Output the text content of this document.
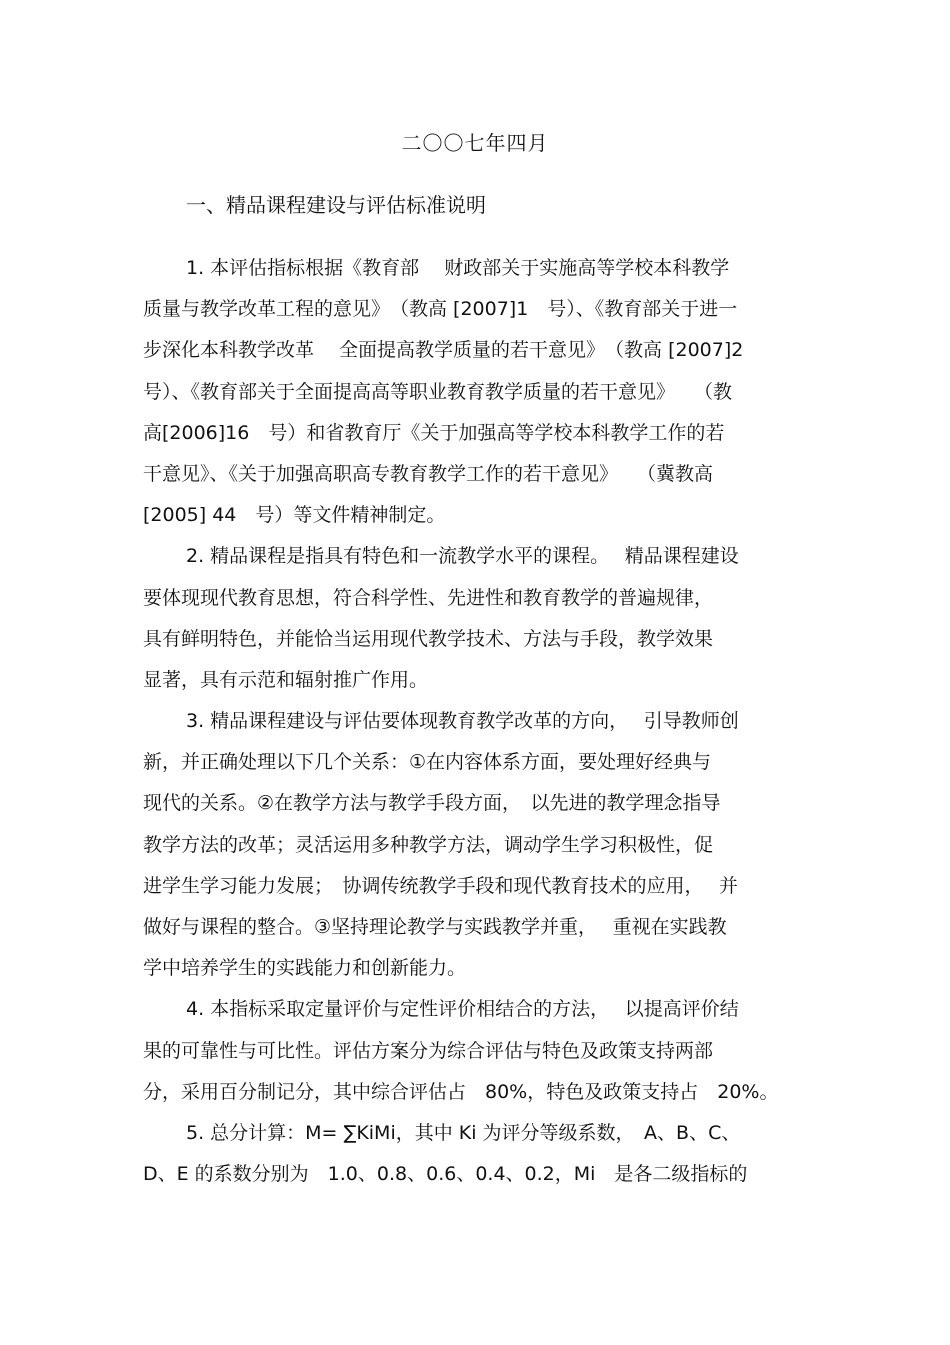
二〇〇七年四月
一、精品课程建设与评估标准说明
1. 本评估指标根据《教育部　 财政部关于实施高等学校本科教学
质量与教学改革工程的意见》　（教高 [2007]1　号）、《教育部关于进一
步深化本科教学改革　 全面提高教学质量的若干意见》　（教高 [2007]2
号）、《教育部关于全面提高高等职业教育教学质量的若干意见》　　（教
高[2006]16　号）和省教育厅《关于加强高等学校本科教学工作的若
干意见》、《关于加强高职高专教育教学工作的若干意见》　　（冀教高
[2005] 44　号）等文件精神制定。
2. 精品课程是指具有特色和一流教学水平的课程。　 精品课程建设
要体现现代教育思想，符合科学性、先进性和教育教学的普遍规律，
具有鲜明特色，并能恰当运用现代教学技术、方法与手段，教学效果
显著，具有示范和辐射推广作用。
3. 精品课程建设与评估要体现教育教学改革的方向，　 引导教师创
新，并正确处理以下几个关系：①在内容体系方面，要处理好经典与
现代的关系。②在教学方法与教学手段方面，　以先进的教学理念指导
教学方法的改革；灵活运用多种教学方法，调动学生学习积极性，促
进学生学习能力发展；　协调传统教学手段和现代教育技术的应用，　 并
做好与课程的整合。③坚持理论教学与实践教学并重，　 重视在实践教
学中培养学生的实践能力和创新能力。
4. 本指标采取定量评价与定性评价相结合的方法，　 以提高评价结
果的可靠性与可比性。评估方案分为综合评估与特色及政策支持两部
分，采用百分制记分，其中综合评估占　80%，特色及政策支持占　20%。
5. 总分计算：M= ∑KiMi，其中 Ki 为评分等级系数，　A、B、C、
D、E 的系数分别为　1.0、0.8、0.6、0.4、0.2，Mi　是各二级指标的
